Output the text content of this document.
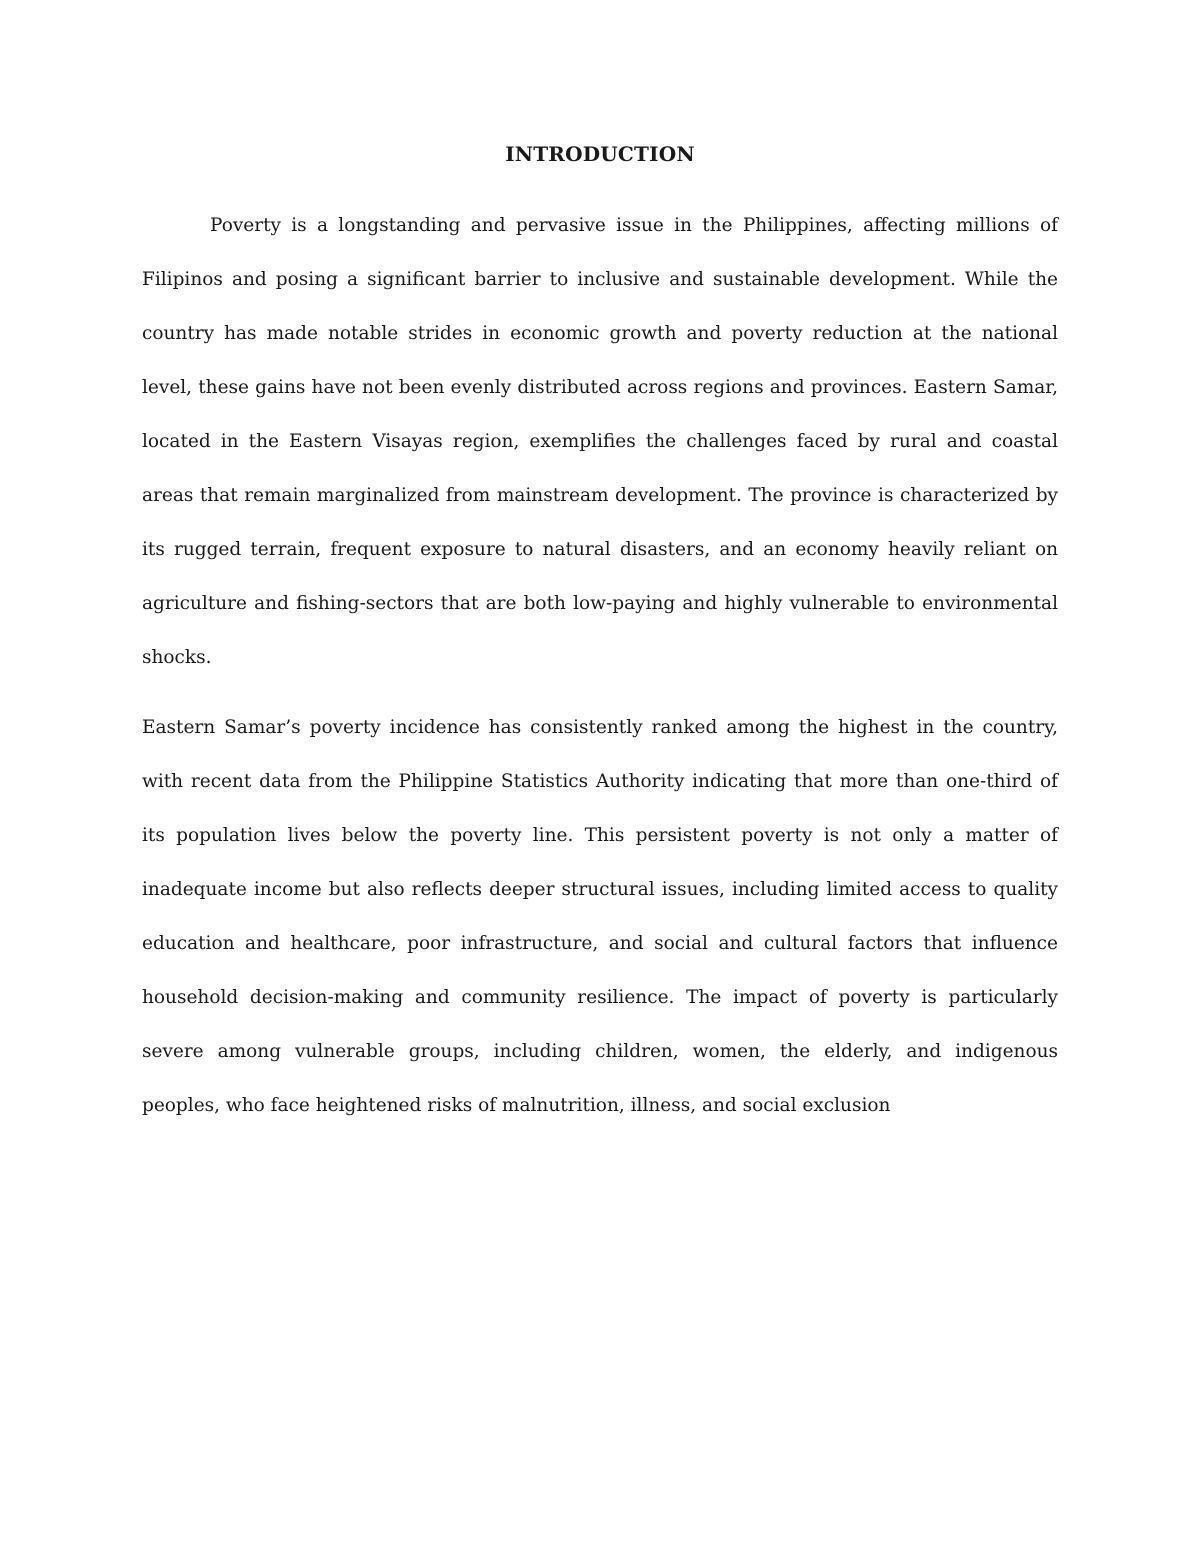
INTRODUCTION

Poverty is a longstanding and pervasive issue in the Philippines, affecting millions of Filipinos and posing a significant barrier to inclusive and sustainable development. While the country has made notable strides in economic growth and poverty reduction at the national level, these gains have not been evenly distributed across regions and provinces. Eastern Samar, located in the Eastern Visayas region, exemplifies the challenges faced by rural and coastal areas that remain marginalized from mainstream development. The province is characterized by its rugged terrain, frequent exposure to natural disasters, and an economy heavily reliant on agriculture and fishing-sectors that are both low-paying and highly vulnerable to environmental shocks.

Eastern Samar’s poverty incidence has consistently ranked among the highest in the country, with recent data from the Philippine Statistics Authority indicating that more than one-third of its population lives below the poverty line. This persistent poverty is not only a matter of inadequate income but also reflects deeper structural issues, including limited access to quality education and healthcare, poor infrastructure, and social and cultural factors that influence household decision-making and community resilience. The impact of poverty is particularly severe among vulnerable groups, including children, women, the elderly, and indigenous peoples, who face heightened risks of malnutrition, illness, and social exclusion
